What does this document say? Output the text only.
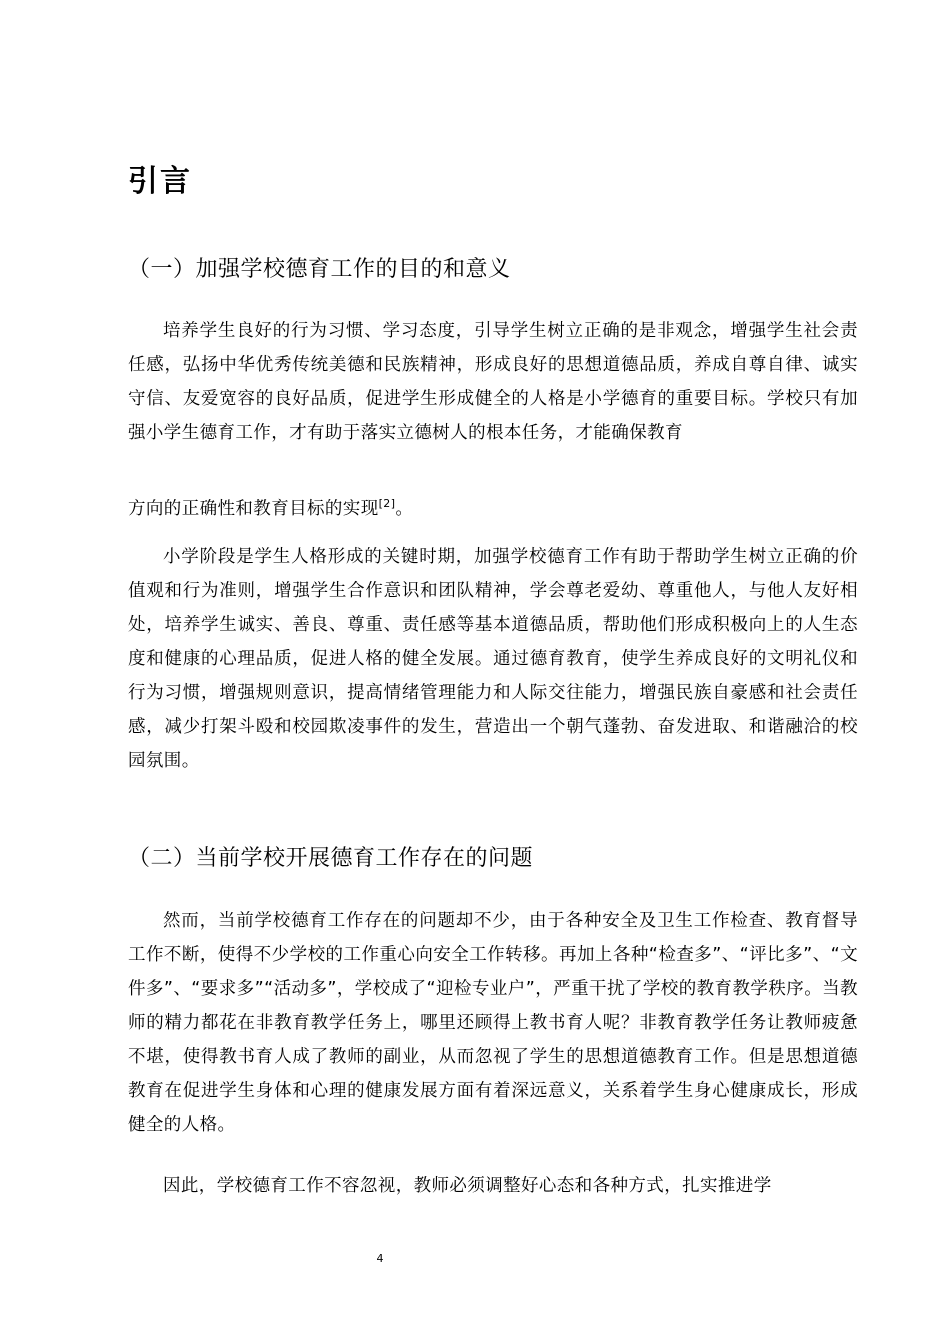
引言
（一）加强学校德育工作的目的和意义

培养学生良好的行为习惯、学习态度，引导学生树立正确的是非观念，增强学生社会责任感，弘扬中华优秀传统美德和民族精神，形成良好的思想道德品质，养成自尊自律、诚实守信、友爱宽容的良好品质，促进学生形成健全的人格是小学德育的重要目标。学校只有加强小学生德育工作，才有助于落实立德树人的根本任务，才能确保教育

方向的正确性和教育目标的实现[2]。

小学阶段是学生人格形成的关键时期，加强学校德育工作有助于帮助学生树立正确的价值观和行为准则，增强学生合作意识和团队精神，学会尊老爱幼、尊重他人，与他人友好相处，培养学生诚实、善良、尊重、责任感等基本道德品质，帮助他们形成积极向上的人生态度和健康的心理品质，促进人格的健全发展。通过德育教育，使学生养成良好的文明礼仪和行为习惯，增强规则意识，提高情绪管理能力和人际交往能力，增强民族自豪感和社会责任感，减少打架斗殴和校园欺凌事件的发生，营造出一个朝气蓬勃、奋发进取、和谐融洽的校园氛围。

（二）当前学校开展德育工作存在的问题

然而，当前学校德育工作存在的问题却不少，由于各种安全及卫生工作检查、教育督导工作不断，使得不少学校的工作重心向安全工作转移。再加上各种“检查多”、“评比多”、“文件多”、“要求多”“活动多”，学校成了“迎检专业户”，严重干扰了学校的教育教学秩序。当教师的精力都花在非教育教学任务上，哪里还顾得上教书育人呢？非教育教学任务让教师疲惫不堪，使得教书育人成了教师的副业，从而忽视了学生的思想道德教育工作。但是思想道德教育在促进学生身体和心理的健康发展方面有着深远意义，关系着学生身心健康成长，形成健全的人格。

因此，学校德育工作不容忽视，教师必须调整好心态和各种方式，扎实推进学

4
